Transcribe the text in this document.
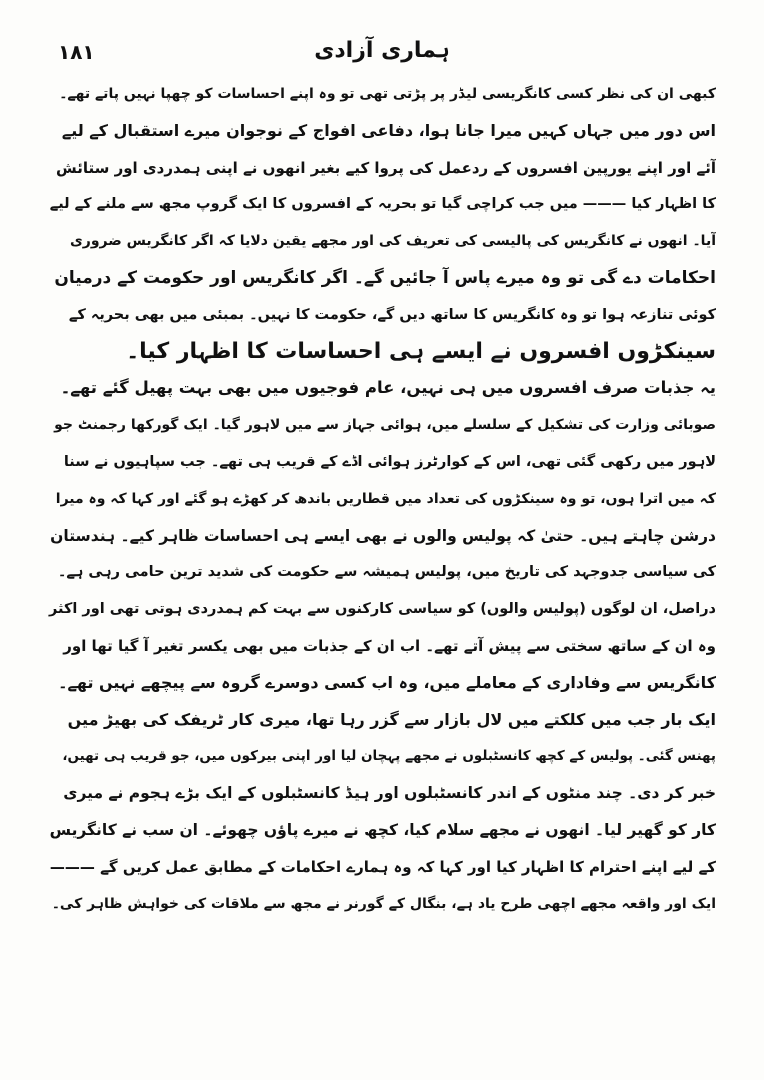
۱۸۱	ہماری آزادی
کبھی ان کی نظر کسی کانگریسی لیڈر پر پڑتی تھی تو وہ اپنے احساسات کو چھپا نہیں پاتے تھے۔
اس دور میں جہاں کہیں میرا جانا ہوا، دفاعی افواج کے نوجوان میرے استقبال کے لیے
آئے اور اپنے یورپین افسروں کے ردعمل کی پروا کیے بغیر انھوں نے اپنی ہمدردی اور ستائش
کا اظہار کیا ——— میں جب کراچی گیا تو بحریہ کے افسروں کا ایک گروپ مجھ سے ملنے کے لیے
آیا۔ انھوں نے کانگریس کی پالیسی کی تعریف کی اور مجھے یقین دلایا کہ اگر کانگریس ضروری
احکامات دے گی تو وہ میرے پاس آ جائیں گے۔ اگر کانگریس اور حکومت کے درمیان
کوئی تنازعہ ہوا تو وہ کانگریس کا ساتھ دیں گے، حکومت کا نہیں۔ بمبئی میں بھی بحریہ کے
سینکڑوں افسروں نے ایسے ہی احساسات کا اظہار کیا۔
یہ جذبات صرف افسروں میں ہی نہیں، عام فوجیوں میں بھی بہت پھیل گئے تھے۔
صوبائی وزارت کی تشکیل کے سلسلے میں، ہوائی جہاز سے میں لاہور گیا۔ ایک گورکھا رجمنٹ جو
لاہور میں رکھی گئی تھی، اس کے کوارٹرز ہوائی اڈے کے قریب ہی تھے۔ جب سپاہیوں نے سنا
کہ میں اترا ہوں، تو وہ سینکڑوں کی تعداد میں قطاریں باندھ کر کھڑے ہو گئے اور کہا کہ وہ میرا
درشن چاہتے ہیں۔ حتیٰ کہ پولیس والوں نے بھی ایسے ہی احساسات ظاہر کیے۔ ہندستان
کی سیاسی جدوجہد کی تاریخ میں، پولیس ہمیشہ سے حکومت کی شدید ترین حامی رہی ہے۔
دراصل، ان لوگوں (پولیس والوں) کو سیاسی کارکنوں سے بہت کم ہمدردی ہوتی تھی اور اکثر
وہ ان کے ساتھ سختی سے پیش آتے تھے۔ اب ان کے جذبات میں بھی یکسر تغیر آ گیا تھا اور
کانگریس سے وفاداری کے معاملے میں، وہ اب کسی دوسرے گروہ سے پیچھے نہیں تھے۔
ایک بار جب میں کلکتے میں لال بازار سے گزر رہا تھا، میری کار ٹریفک کی بھیڑ میں
پھنس گئی۔ پولیس کے کچھ کانسٹبلوں نے مجھے پہچان لیا اور اپنی بیرکوں میں، جو قریب ہی تھیں،
خبر کر دی۔ چند منٹوں کے اندر کانسٹبلوں اور ہیڈ کانسٹبلوں کے ایک بڑے ہجوم نے میری
کار کو گھیر لیا۔ انھوں نے مجھے سلام کیا، کچھ نے میرے پاؤں چھوئے۔ ان سب نے کانگریس
کے لیے اپنے احترام کا اظہار کیا اور کہا کہ وہ ہمارے احکامات کے مطابق عمل کریں گے ———
ایک اور واقعہ مجھے اچھی طرح یاد ہے، بنگال کے گورنر نے مجھ سے ملاقات کی خواہش ظاہر کی۔
